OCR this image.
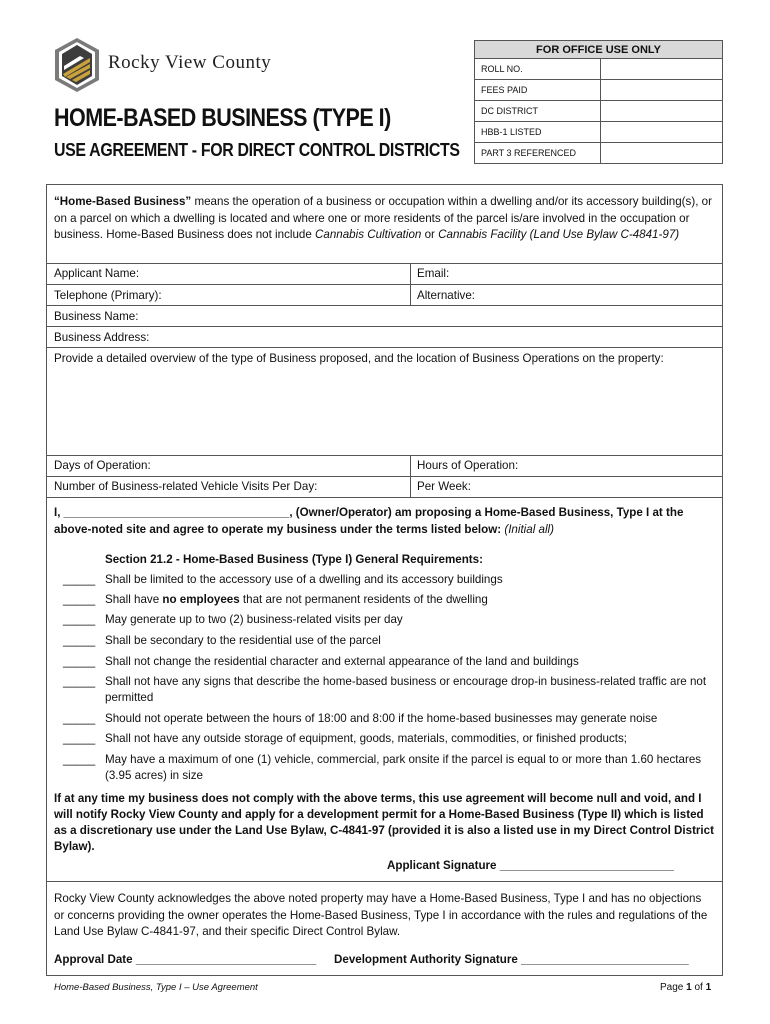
Rocky View County
HOME-BASED BUSINESS (TYPE I)
USE AGREEMENT - FOR DIRECT CONTROL DISTRICTS
FOR OFFICE USE ONLY	
ROLL NO.	
FEES PAID	
DC DISTRICT	
HBB-1 LISTED	
PART 3 REFERENCED	
“Home-Based Business” means the operation of a business or occupation within a dwelling and/or its accessory building(s), or on a parcel on which a dwelling is located and where one or more residents of the parcel is/are involved in the occupation or business. Home-Based Business does not include Cannabis Cultivation or Cannabis Facility (Land Use Bylaw C-4841-97)
Applicant Name:	Email:
Telephone (Primary):	Alternative:
Business Name:
Business Address:
Provide a detailed overview of the type of Business proposed, and the location of Business Operations on the property:
Days of Operation:	Hours of Operation:
Number of Business-related Vehicle Visits Per Day:	Per Week:
I, ___________________________________, (Owner/Operator) am proposing a Home-Based Business, Type I at the above-noted site and agree to operate my business under the terms listed below: (Initial all)
Section 21.2 - Home-Based Business (Type I) General Requirements:
_____ Shall be limited to the accessory use of a dwelling and its accessory buildings
_____ Shall have no employees that are not permanent residents of the dwelling
_____ May generate up to two (2) business-related visits per day
_____ Shall be secondary to the residential use of the parcel
_____ Shall not change the residential character and external appearance of the land and buildings
_____ Shall not have any signs that describe the home-based business or encourage drop-in business-related traffic are not permitted
_____ Should not operate between the hours of 18:00 and 8:00 if the home-based businesses may generate noise
_____ Shall not have any outside storage of equipment, goods, materials, commodities, or finished products;
_____ May have a maximum of one (1) vehicle, commercial, park onsite if the parcel is equal to or more than 1.60 hectares (3.95 acres) in size
If at any time my business does not comply with the above terms, this use agreement will become null and void, and I will notify Rocky View County and apply for a development permit for a Home-Based Business (Type II) which is listed as a discretionary use under the Land Use Bylaw, C-4841-97 (provided it is also a listed use in my Direct Control District Bylaw).
Applicant Signature ___________________________
Rocky View County acknowledges the above noted property may have a Home-Based Business, Type I and has no objections or concerns providing the owner operates the Home-Based Business, Type I in accordance with the rules and regulations of the Land Use Bylaw C-4841-97, and their specific Direct Control Bylaw.
Approval Date ____________________________ Development Authority Signature __________________________
Home-Based Business, Type I – Use Agreement	Page 1 of 1
